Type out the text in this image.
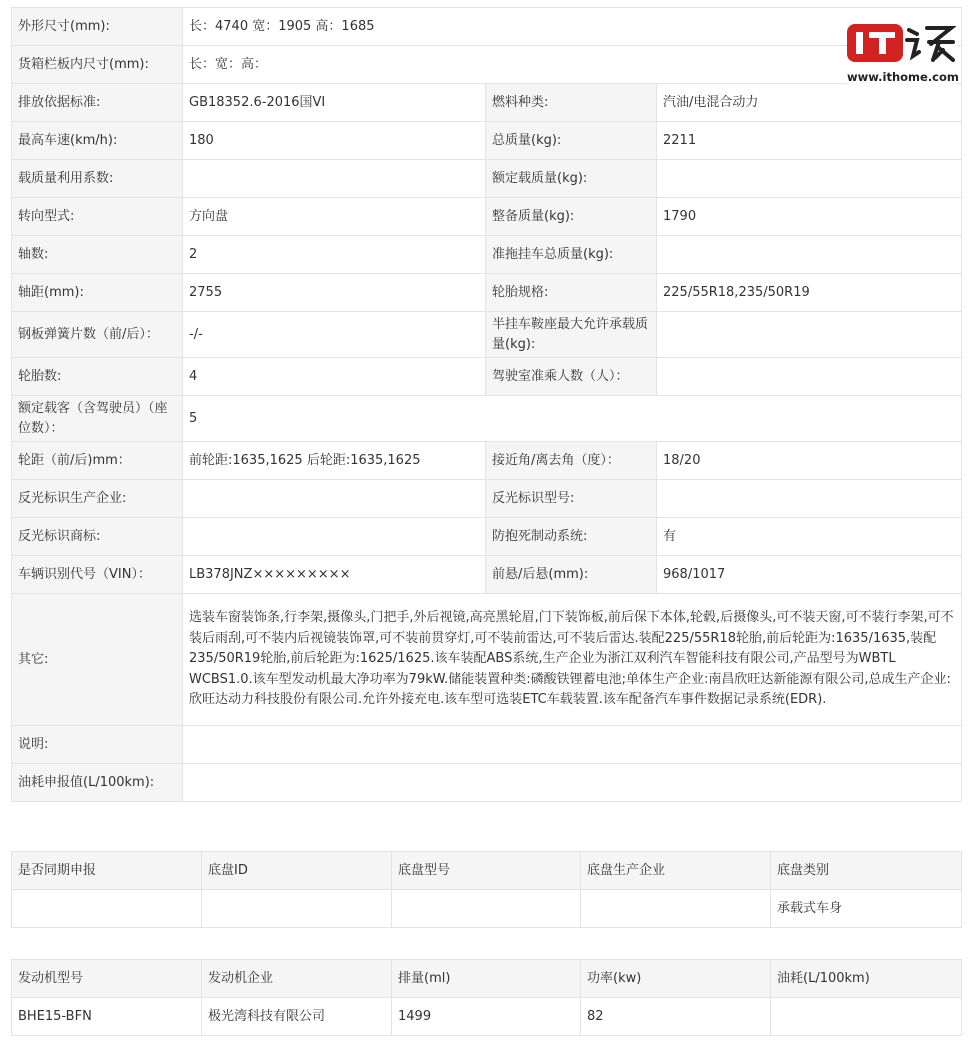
外形尺寸(mm):	长：4740 宽：1905 高：1685		
货箱栏板内尺寸(mm):	长：宽：高：		
排放依据标准:	GB18352.6-2016国VI	燃料种类:	汽油/电混合动力
最高车速(km/h):	180	总质量(kg):	2211
载质量利用系数:		额定载质量(kg):	
转向型式:	方向盘	整备质量(kg):	1790
轴数:	2	准拖挂车总质量(kg):	
轴距(mm):	2755	轮胎规格:	225/55R18,235/50R19
钢板弹簧片数（前/后）：	-/-	半挂车鞍座最大允许承载质量(kg):	
轮胎数:	4	驾驶室准乘人数（人）：	
额定载客（含驾驶员）（座位数）：	5		
轮距（前/后)mm：	前轮距:1635,1625 后轮距:1635,1625	接近角/离去角（度）：	18/20
反光标识生产企业:		反光标识型号:	
反光标识商标:		防抱死制动系统:	有
车辆识别代号（VIN）：	LB378JNZ×××××××××	前悬/后悬(mm):	968/1017
其它:	选装车窗装饰条,行李架,摄像头,门把手,外后视镜,高亮黑轮眉,门下装饰板,前后保下本体,轮毂,后摄像头,可不装天窗,可不装行李架,可不装后雨刮,可不装内后视镜装饰罩,可不装前贯穿灯,可不装前雷达,可不装后雷达.装配225/55R18轮胎,前后轮距为:1635/1635,装配235/50R19轮胎,前后轮距为:1625/1625.该车装配ABS系统,生产企业为浙江双利汽车智能科技有限公司,产品型号为WBTL WCBS1.0.该车型发动机最大净功率为79kW.储能装置种类:磷酸铁锂蓄电池;单体生产企业:南昌欣旺达新能源有限公司,总成生产企业:欣旺达动力科技股份有限公司.允许外接充电.该车型可选装ETC车载装置.该车配备汽车事件数据记录系统(EDR).		
说明:			
油耗申报值(L/100km):			
www.ithome.com
是否同期申报	底盘ID	底盘型号	底盘生产企业	底盘类别
				承载式车身
发动机型号	发动机企业	排量(ml)	功率(kw)	油耗(L/100km)
BHE15-BFN	极光湾科技有限公司	1499	82	
